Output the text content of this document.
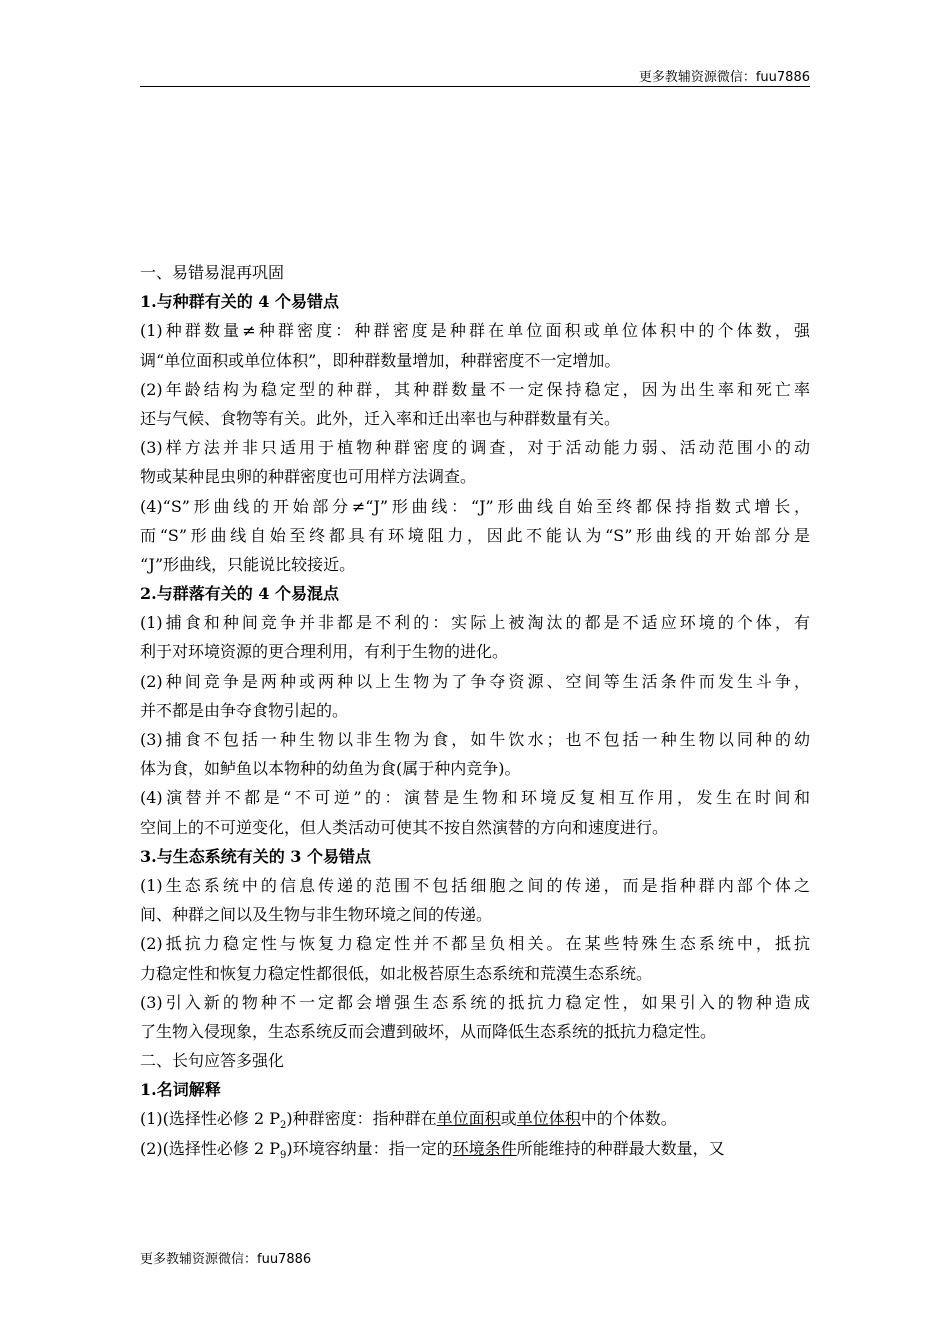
更多教辅资源微信：fuu7886
一、易错易混再巩固
1.与种群有关的 4 个易错点
(1)种群数量≠种群密度：种群密度是种群在单位面积或单位体积中的个体数，强
调“单位面积或单位体积”，即种群数量增加，种群密度不一定增加。
(2)年龄结构为稳定型的种群，其种群数量不一定保持稳定，因为出生率和死亡率
还与气候、食物等有关。此外，迁入率和迁出率也与种群数量有关。
(3)样方法并非只适用于植物种群密度的调查，对于活动能力弱、活动范围小的动
物或某种昆虫卵的种群密度也可用样方法调查。
(4)“S”形曲线的开始部分≠“J”形曲线：“J”形曲线自始至终都保持指数式增长，
而“S”形曲线自始至终都具有环境阻力，因此不能认为“S”形曲线的开始部分是
“J”形曲线，只能说比较接近。
2.与群落有关的 4 个易混点
(1)捕食和种间竞争并非都是不利的：实际上被淘汰的都是不适应环境的个体，有
利于对环境资源的更合理利用，有利于生物的进化。
(2)种间竞争是两种或两种以上生物为了争夺资源、空间等生活条件而发生斗争，
并不都是由争夺食物引起的。
(3)捕食不包括一种生物以非生物为食，如牛饮水；也不包括一种生物以同种的幼
体为食，如鲈鱼以本物种的幼鱼为食(属于种内竞争)。
(4)演替并不都是“不可逆”的：演替是生物和环境反复相互作用，发生在时间和
空间上的不可逆变化，但人类活动可使其不按自然演替的方向和速度进行。
3.与生态系统有关的 3 个易错点
(1)生态系统中的信息传递的范围不包括细胞之间的传递，而是指种群内部个体之
间、种群之间以及生物与非生物环境之间的传递。
(2)抵抗力稳定性与恢复力稳定性并不都呈负相关。在某些特殊生态系统中，抵抗
力稳定性和恢复力稳定性都很低，如北极苔原生态系统和荒漠生态系统。
(3)引入新的物种不一定都会增强生态系统的抵抗力稳定性，如果引入的物种造成
了生物入侵现象，生态系统反而会遭到破坏，从而降低生态系统的抵抗力稳定性。
二、长句应答多强化
1.名词解释
(1)(选择性必修 2 $P_2$)种群密度：指种群在单位面积或单位体积中的个体数。
(2)(选择性必修 2 $P_9$)环境容纳量：指一定的环境条件所能维持的种群最大数量，又
更多教辅资源微信：fuu7886
